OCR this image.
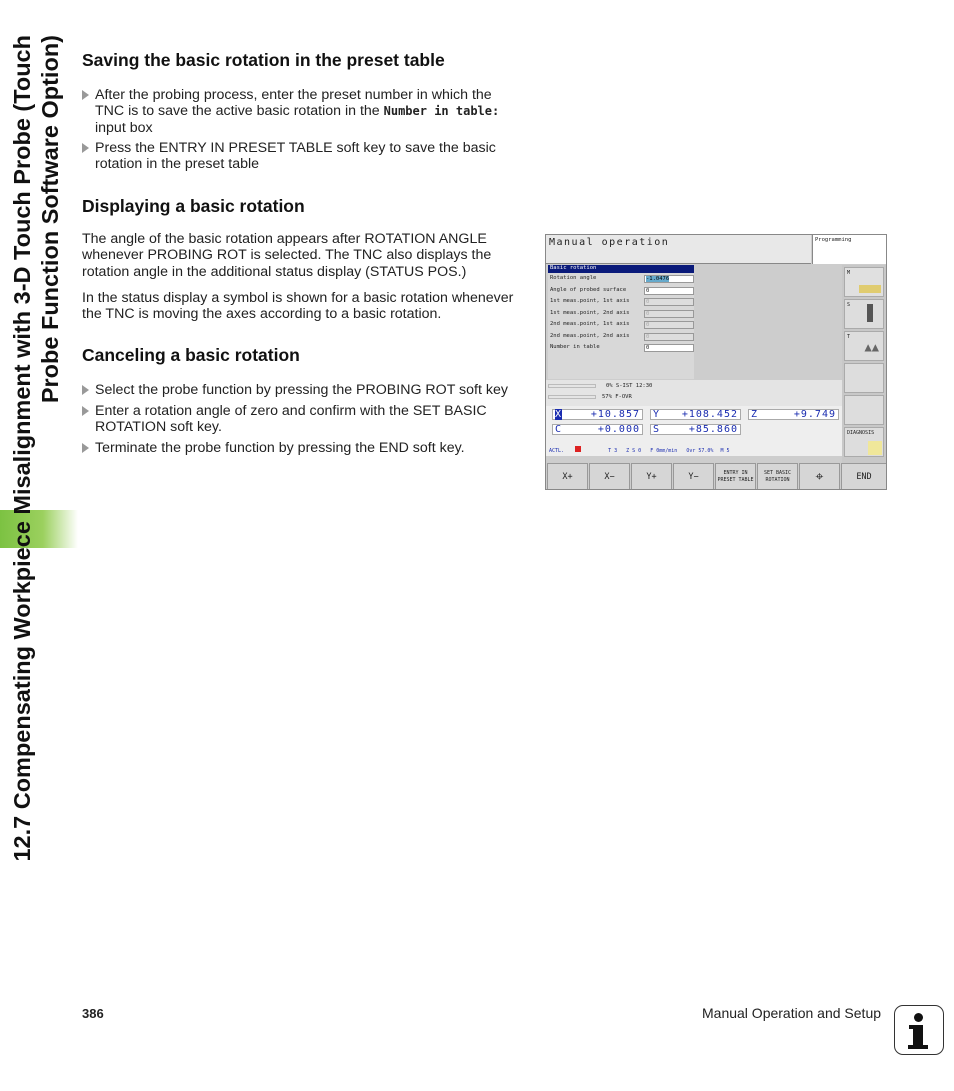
12.7 Compensating Workpiece Misalignment with 3-D Touch Probe (Touch Probe Function Software Option) Saving the basic rotation in the preset table
After the probing process, enter the preset number in which the TNC is to save the active basic rotation in the Number in table: input box
Press the ENTRY IN PRESET TABLE soft key to save the basic rotation in the preset table
Displaying a basic rotation
The angle of the basic rotation appears after ROTATION ANGLE whenever PROBING ROT is selected. The TNC also displays the rotation angle in the additional status display (STATUS POS.)
In the status display a symbol is shown for a basic rotation whenever the TNC is moving the axes according to a basic rotation.
Canceling a basic rotation
Select the probe function by pressing the PROBING ROT soft key
Enter a rotation angle of zero and confirm with the SET BASIC ROTATION soft key.
Terminate the probe function by pressing the END soft key.
Manual operation	Programming
Basic rotation
Rotation angle	-1.0476
Angle of probed surface	0
1st meas.point, 1st axis	0
1st meas.point, 2nd axis	0
2nd meas.point, 1st axis	0
2nd meas.point, 2nd axis	0
Number in table	0
M
S
T
▲▲
DIAGNOSIS
0% S-IST 12:30
57% F-OVR
X	+10.857	Y +108.452	Z	+9.749
C	+0.000	S	+85.860
ACTL.	T 3 Z S 0 F 0mm/min Ovr 57.0% M 5
X+	X−	Y+	Y−	ENTRY IN PRESET TABLE
SET BASIC ROTATION	⌖	END
386	Manual Operation and Setup
